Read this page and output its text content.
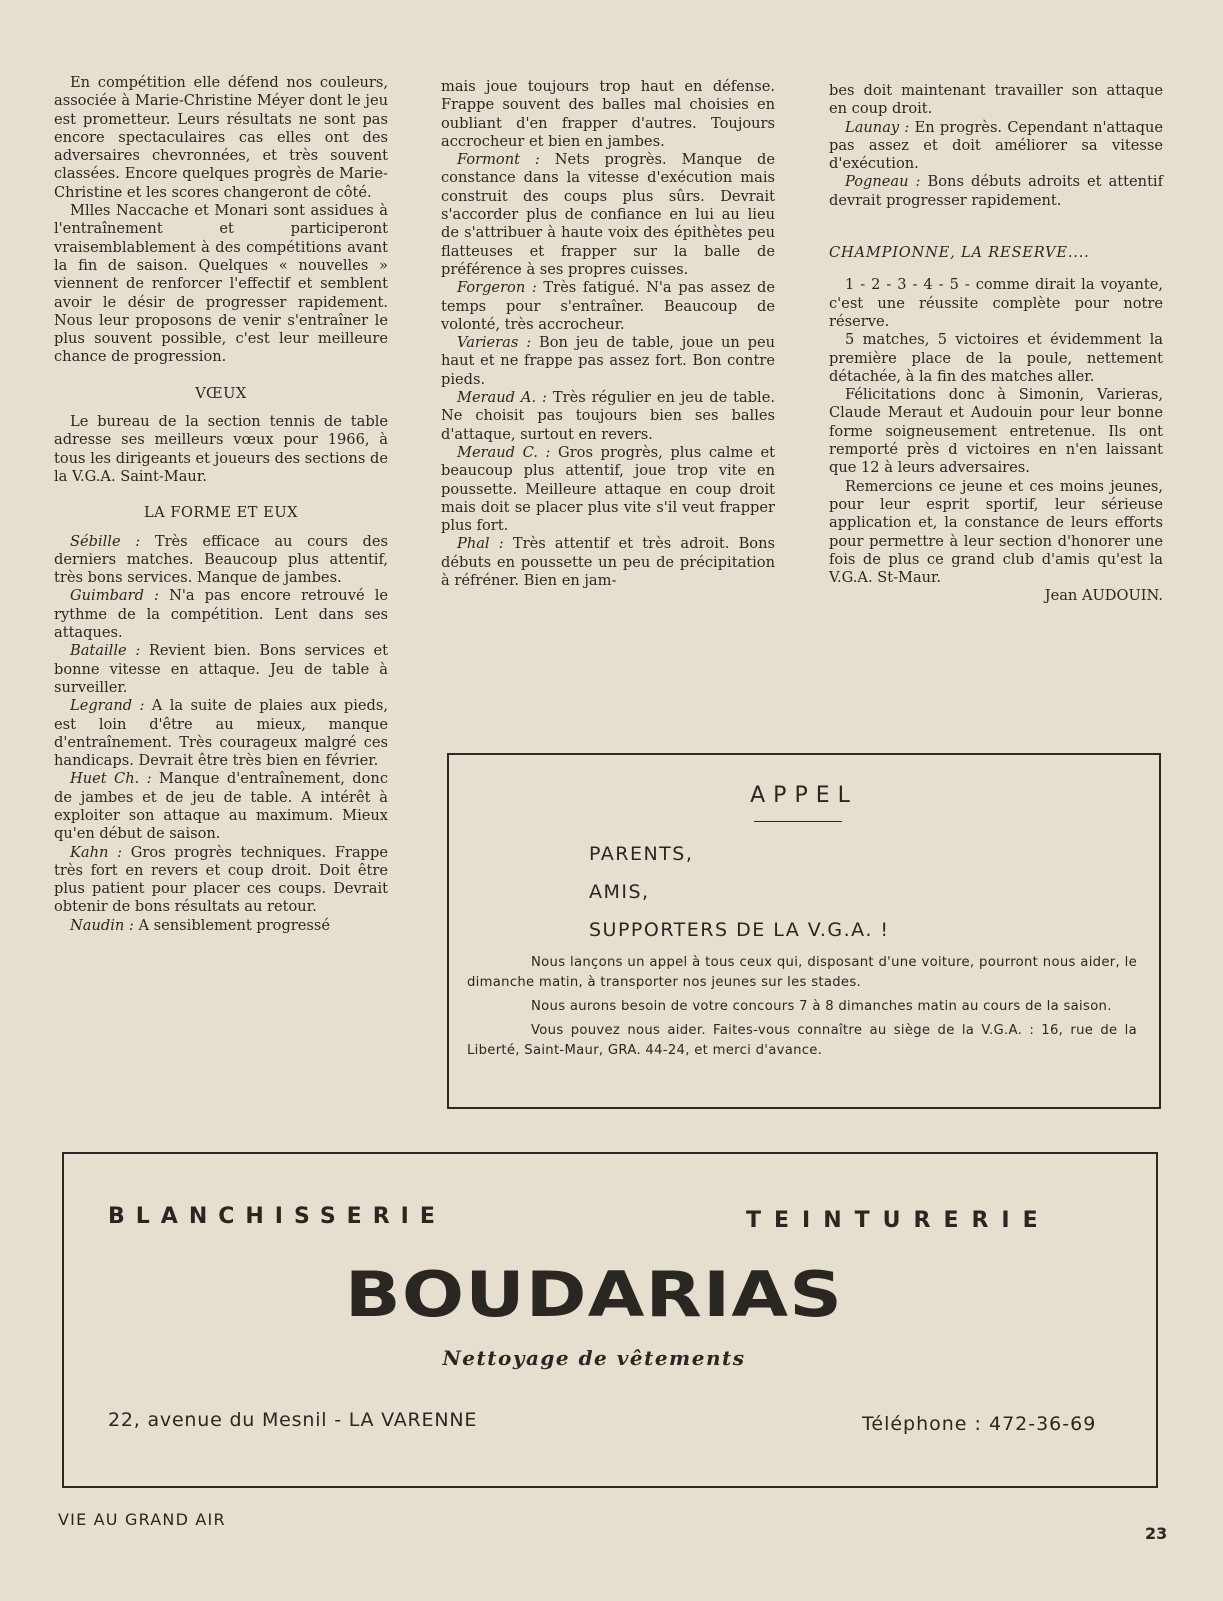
En compétition elle défend nos couleurs, associée à Marie-Christine Méyer dont le jeu est prometteur. Leurs résultats ne sont pas encore spectaculaires cas elles ont des adversaires chevronnées, et très souvent classées. Encore quelques progrès de Marie-Christine et les scores changeront de côté.

Mlles Naccache et Monari sont assidues à l'entraînement et participeront vraisemblablement à des compétitions avant la fin de saison. Quelques « nouvelles » viennent de renforcer l'effectif et semblent avoir le désir de progresser rapidement. Nous leur proposons de venir s'entraîner le plus souvent possible, c'est leur meilleure chance de progression.

VŒUX

Le bureau de la section tennis de table adresse ses meilleurs vœux pour 1966, à tous les dirigeants et joueurs des sections de la V.G.A. Saint-Maur.

LA FORME ET EUX

Sébille : Très efficace au cours des derniers matches. Beaucoup plus attentif, très bons services. Manque de jambes.

Guimbard : N'a pas encore retrouvé le rythme de la compétition. Lent dans ses attaques.

Bataille : Revient bien. Bons services et bonne vitesse en attaque. Jeu de table à surveiller.

Legrand : A la suite de plaies aux pieds, est loin d'être au mieux, manque d'entraînement. Très courageux malgré ces handicaps. Devrait être très bien en février.

Huet Ch. : Manque d'entraînement, donc de jambes et de jeu de table. A intérêt à exploiter son attaque au maximum. Mieux qu'en début de saison.

Kahn : Gros progrès techniques. Frappe très fort en revers et coup droit. Doit être plus patient pour placer ces coups. Devrait obtenir de bons résultats au retour.

Naudin : A sensiblement progressé

mais joue toujours trop haut en défense. Frappe souvent des balles mal choisies en oubliant d'en frapper d'autres. Toujours accrocheur et bien en jambes.

Formont : Nets progrès. Manque de constance dans la vitesse d'exécution mais construit des coups plus sûrs. Devrait s'accorder plus de confiance en lui au lieu de s'attribuer à haute voix des épithètes peu flatteuses et frapper sur la balle de préférence à ses propres cuisses.

Forgeron : Très fatigué. N'a pas assez de temps pour s'entraîner. Beaucoup de volonté, très accrocheur.

Varieras : Bon jeu de table, joue un peu haut et ne frappe pas assez fort. Bon contre pieds.

Meraud A. : Très régulier en jeu de table. Ne choisit pas toujours bien ses balles d'attaque, surtout en revers.

Meraud C. : Gros progrès, plus calme et beaucoup plus attentif, joue trop vite en poussette. Meilleure attaque en coup droit mais doit se placer plus vite s'il veut frapper plus fort.

Phal : Très attentif et très adroit. Bons débuts en poussette un peu de précipitation à réfréner. Bien en jam-

bes doit maintenant travailler son attaque en coup droit.

Launay : En progrès. Cependant n'attaque pas assez et doit améliorer sa vitesse d'exécution.

Pogneau : Bons débuts adroits et attentif devrait progresser rapidement.

CHAMPIONNE, LA RESERVE....

1 - 2 - 3 - 4 - 5 - comme dirait la voyante, c'est une réussite complète pour notre réserve.

5 matches, 5 victoires et évidemment la première place de la poule, nettement détachée, à la fin des matches aller.

Félicitations donc à Simonin, Varieras, Claude Meraut et Audouin pour leur bonne forme soigneusement entretenue. Ils ont remporté près d victoires en n'en laissant que 12 à leurs adversaires.

Remercions ce jeune et ces moins jeunes, pour leur esprit sportif, leur sérieuse application et, la constance de leurs efforts pour permettre à leur section d'honorer une fois de plus ce grand club d'amis qu'est la V.G.A. St-Maur.

Jean AUDOUIN.

APPEL
PARENTS,
AMIS,
SUPPORTERS DE LA V.G.A. !

Nous lançons un appel à tous ceux qui, disposant d'une voiture, pourront nous aider, le dimanche matin, à transporter nos jeunes sur les stades.

Nous aurons besoin de votre concours 7 à 8 dimanches matin au cours de la saison.

Vous pouvez nous aider. Faites-vous connaître au siège de la V.G.A. : 16, rue de la Liberté, Saint-Maur, GRA. 44-24, et merci d'avance.

BLANCHISSERIE	TEINTURERIE
BOUDARIAS
Nettoyage de vêtements
22, avenue du Mesnil - LA VARENNE	Téléphone : 472-36-69
VIE AU GRAND AIR
23
